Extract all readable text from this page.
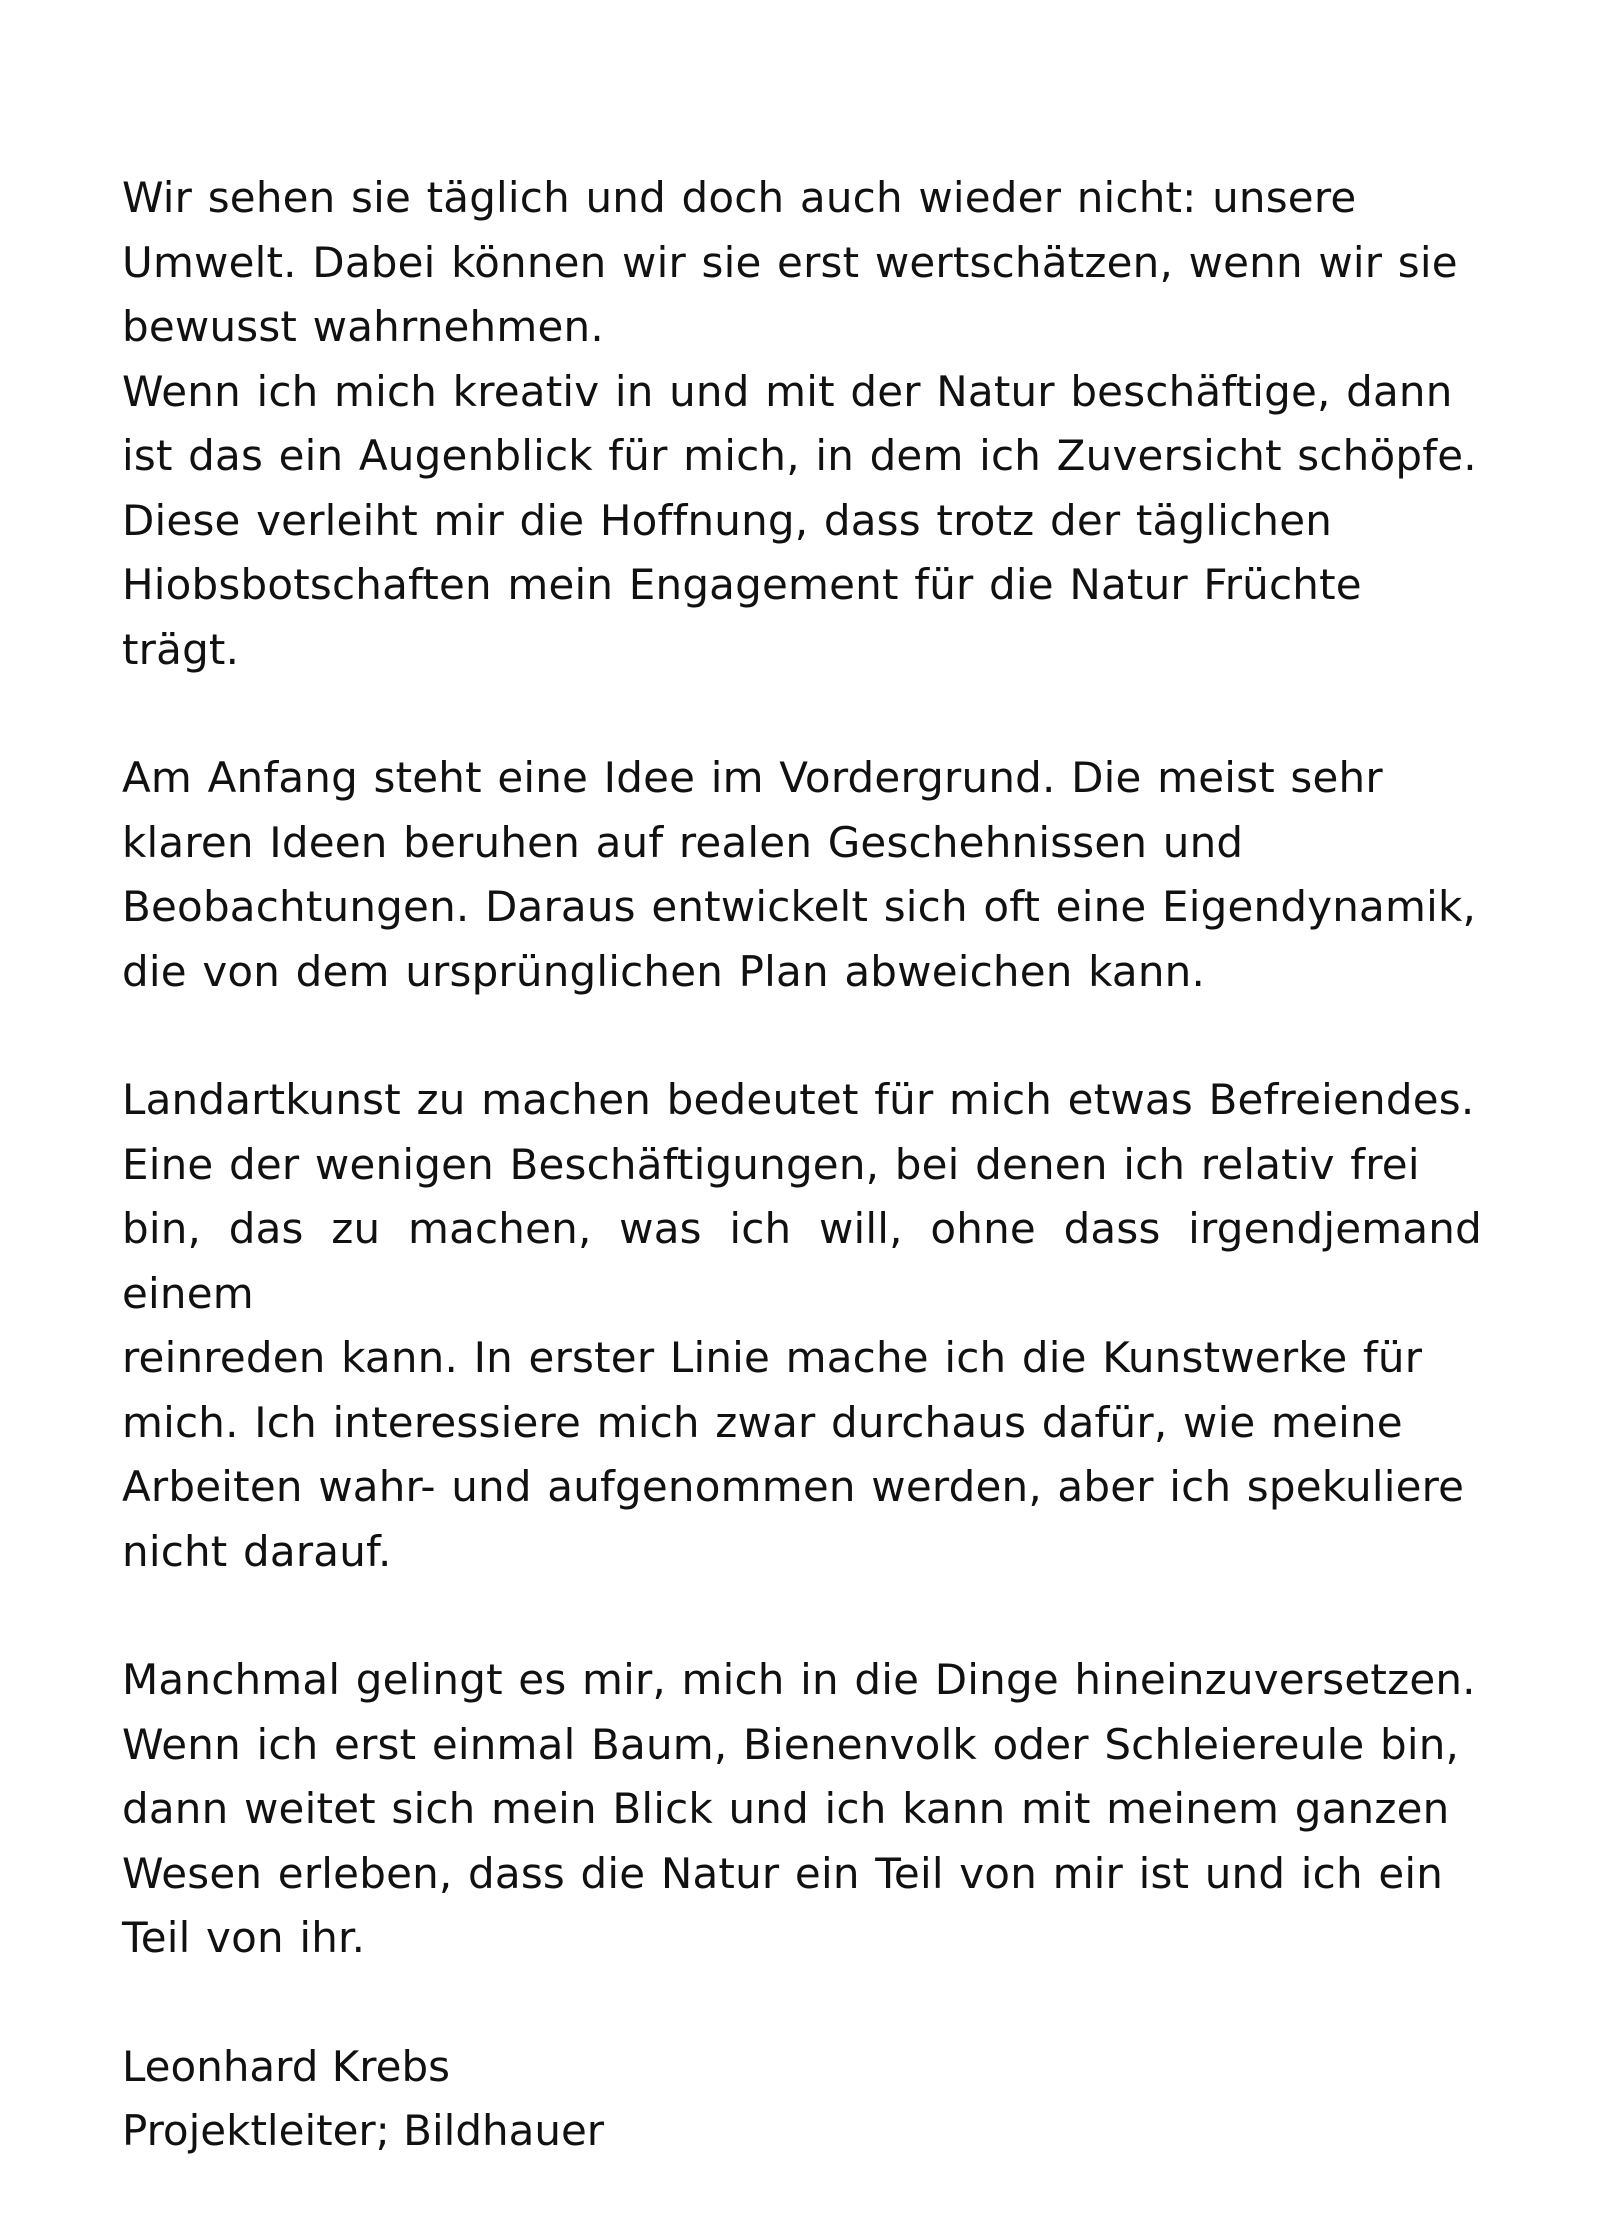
Wir sehen sie täglich und doch auch wieder nicht: unsere
Umwelt. Dabei können wir sie erst wertschätzen, wenn wir sie
bewusst wahrnehmen.
Wenn ich mich kreativ in und mit der Natur beschäftige, dann
ist das ein Augenblick für mich, in dem ich Zuversicht schöpfe.
Diese verleiht mir die Hoffnung, dass trotz der täglichen
Hiobsbotschaften mein Engagement für die Natur Früchte
trägt.

Am Anfang steht eine Idee im Vordergrund. Die meist sehr
klaren Ideen beruhen auf realen Geschehnissen und
Beobachtungen. Daraus entwickelt sich oft eine Eigendynamik,
die von dem ursprünglichen Plan abweichen kann.

Landartkunst zu machen bedeutet für mich etwas Befreiendes.
Eine der wenigen Beschäftigungen, bei denen ich relativ frei
bin, das zu machen, was ich will, ohne dass irgendjemand einem
reinreden kann. In erster Linie mache ich die Kunstwerke für
mich. Ich interessiere mich zwar durchaus dafür, wie meine
Arbeiten wahr- und aufgenommen werden, aber ich spekuliere
nicht darauf.

Manchmal gelingt es mir, mich in die Dinge hineinzuversetzen.
Wenn ich erst einmal Baum, Bienenvolk oder Schleiereule bin,
dann weitet sich mein Blick und ich kann mit meinem ganzen
Wesen erleben, dass die Natur ein Teil von mir ist und ich ein
Teil von ihr.

Leonhard Krebs
Projektleiter; Bildhauer
